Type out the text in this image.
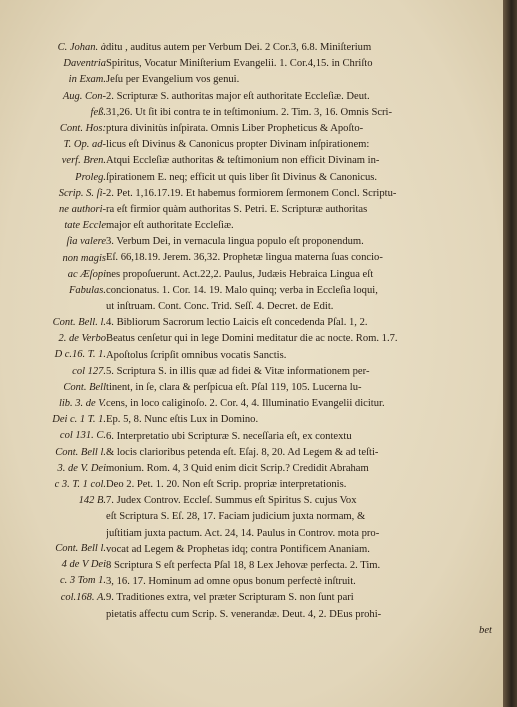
C. Johan. à
Daventria
in Exam.
Aug. Con-
feß.
Cont. Hos:
T. Op. ad-
verf. Bren.
Proleg.
Scrip. S. ſi-
ne authori-
tate Eccle
ſia valere
non magis
ac Æſopi
Fabulas.
Cont. Bell. l.
2. de Verbo
D c.16. T. 1.
col 127.
Cont. Bell
lib. 3. de V.
Dei c. 1 T. 1.
col 131. C.
Cont. Bell l.
3. de V. Dei
c 3. T. 1 col.
142 B.
Cont. Bell l.
4 de V Dei
c. 3 Tom 1.
col.168. A.
ditu , auditus autem per Verbum Dei. 2 Cor.3, 6.8. Miniſterium
Spiritus, Vocatur Miniſterium Evangelii. 1. Cor.4,15. in Chriſto
Jeſu per Evangelium vos genui.
2. Scripturæ S. authoritas major eſt authoritate Eccleſiæ. Deut.
31,26. Ut ſit ibi contra te in teſtimonium. 2. Tim. 3, 16. Omnis Scri-
ptura divinitùs inſpirata. Omnis Liber Propheticus & Apoſto-
licus eſt Divinus & Canonicus propter Divinam inſpirationem:
Atqui Eccleſiæ authoritas & teſtimonium non efficit Divinam in-
ſpirationem E. neq; efficit ut quis liber ſit Divinus & Canonicus.
2. Pet. 1,16.17.19. Et habemus formiorem ſermonem Concl. Scriptu-
ra eſt firmior quàm authoritas S. Petri. E. Scripturæ authoritas
major eſt authoritate Eccleſiæ.
3. Verbum Dei, in vernacula lingua populo eſt proponendum.
Eſ. 66,18.19. Jerem. 36,32. Prophetæ lingua materna ſuas concio-
nes propoſuerunt. Act.22,2. Paulus, Judæis Hebraica Lingua eſt
concionatus. 1. Cor. 14. 19. Malo quinq; verba in Eccleſia loqui,
ut inſtruam. Cont. Conc. Trid. Seſſ. 4. Decret. de Edit.
4. Bibliorum Sacrorum lectio Laicis eſt concedenda Pſal. 1, 2.
Beatus cenſetur qui in lege Domini meditatur die ac nocte. Rom. 1.7.
Apoſtolus ſcripſit omnibus vocatis Sanctis.
5. Scriptura S. in illis quæ ad fidei & Vitæ informationem per-
tinent, in ſe, clara & perſpicua eſt. Pſal 119, 105. Lucerna lu-
cens, in loco caliginoſo. 2. Cor. 4, 4. Illuminatio Evangelii dicitur.
Ep. 5, 8. Nunc eſtis Lux in Domino.
6. Interpretatio ubi Scripturæ S. neceſſaria eſt, ex contextu
& locis clarioribus petenda eſt. Eſaj. 8, 20. Ad Legem & ad teſti-
monium. Rom. 4, 3 Quid enim dicit Scrip.? Credidit Abraham
Deo 2. Pet. 1. 20. Non eſt Scrip. propriæ interpretationis.
7. Judex Controv. Eccleſ. Summus eſt Spiritus S. cujus Vox
eſt Scriptura S. Eſ. 28, 17. Faciam judicium juxta normam, &
juſtitiam juxta pactum. Act. 24, 14. Paulus in Controv. mota pro-
vocat ad Legem & Prophetas idq; contra Pontificem Ananiam.
8 Scriptura S eſt perfecta Pſal 18, 8 Lex Jehovæ perfecta. 2. Tim.
3, 16. 17. Hominum ad omne opus bonum perfectè inſtruit.
9. Traditiones extra, vel præter Scripturam S. non ſunt pari
pietatis affectu cum Scrip. S. venerandæ. Deut. 4, 2. DEus prohi-
bet
